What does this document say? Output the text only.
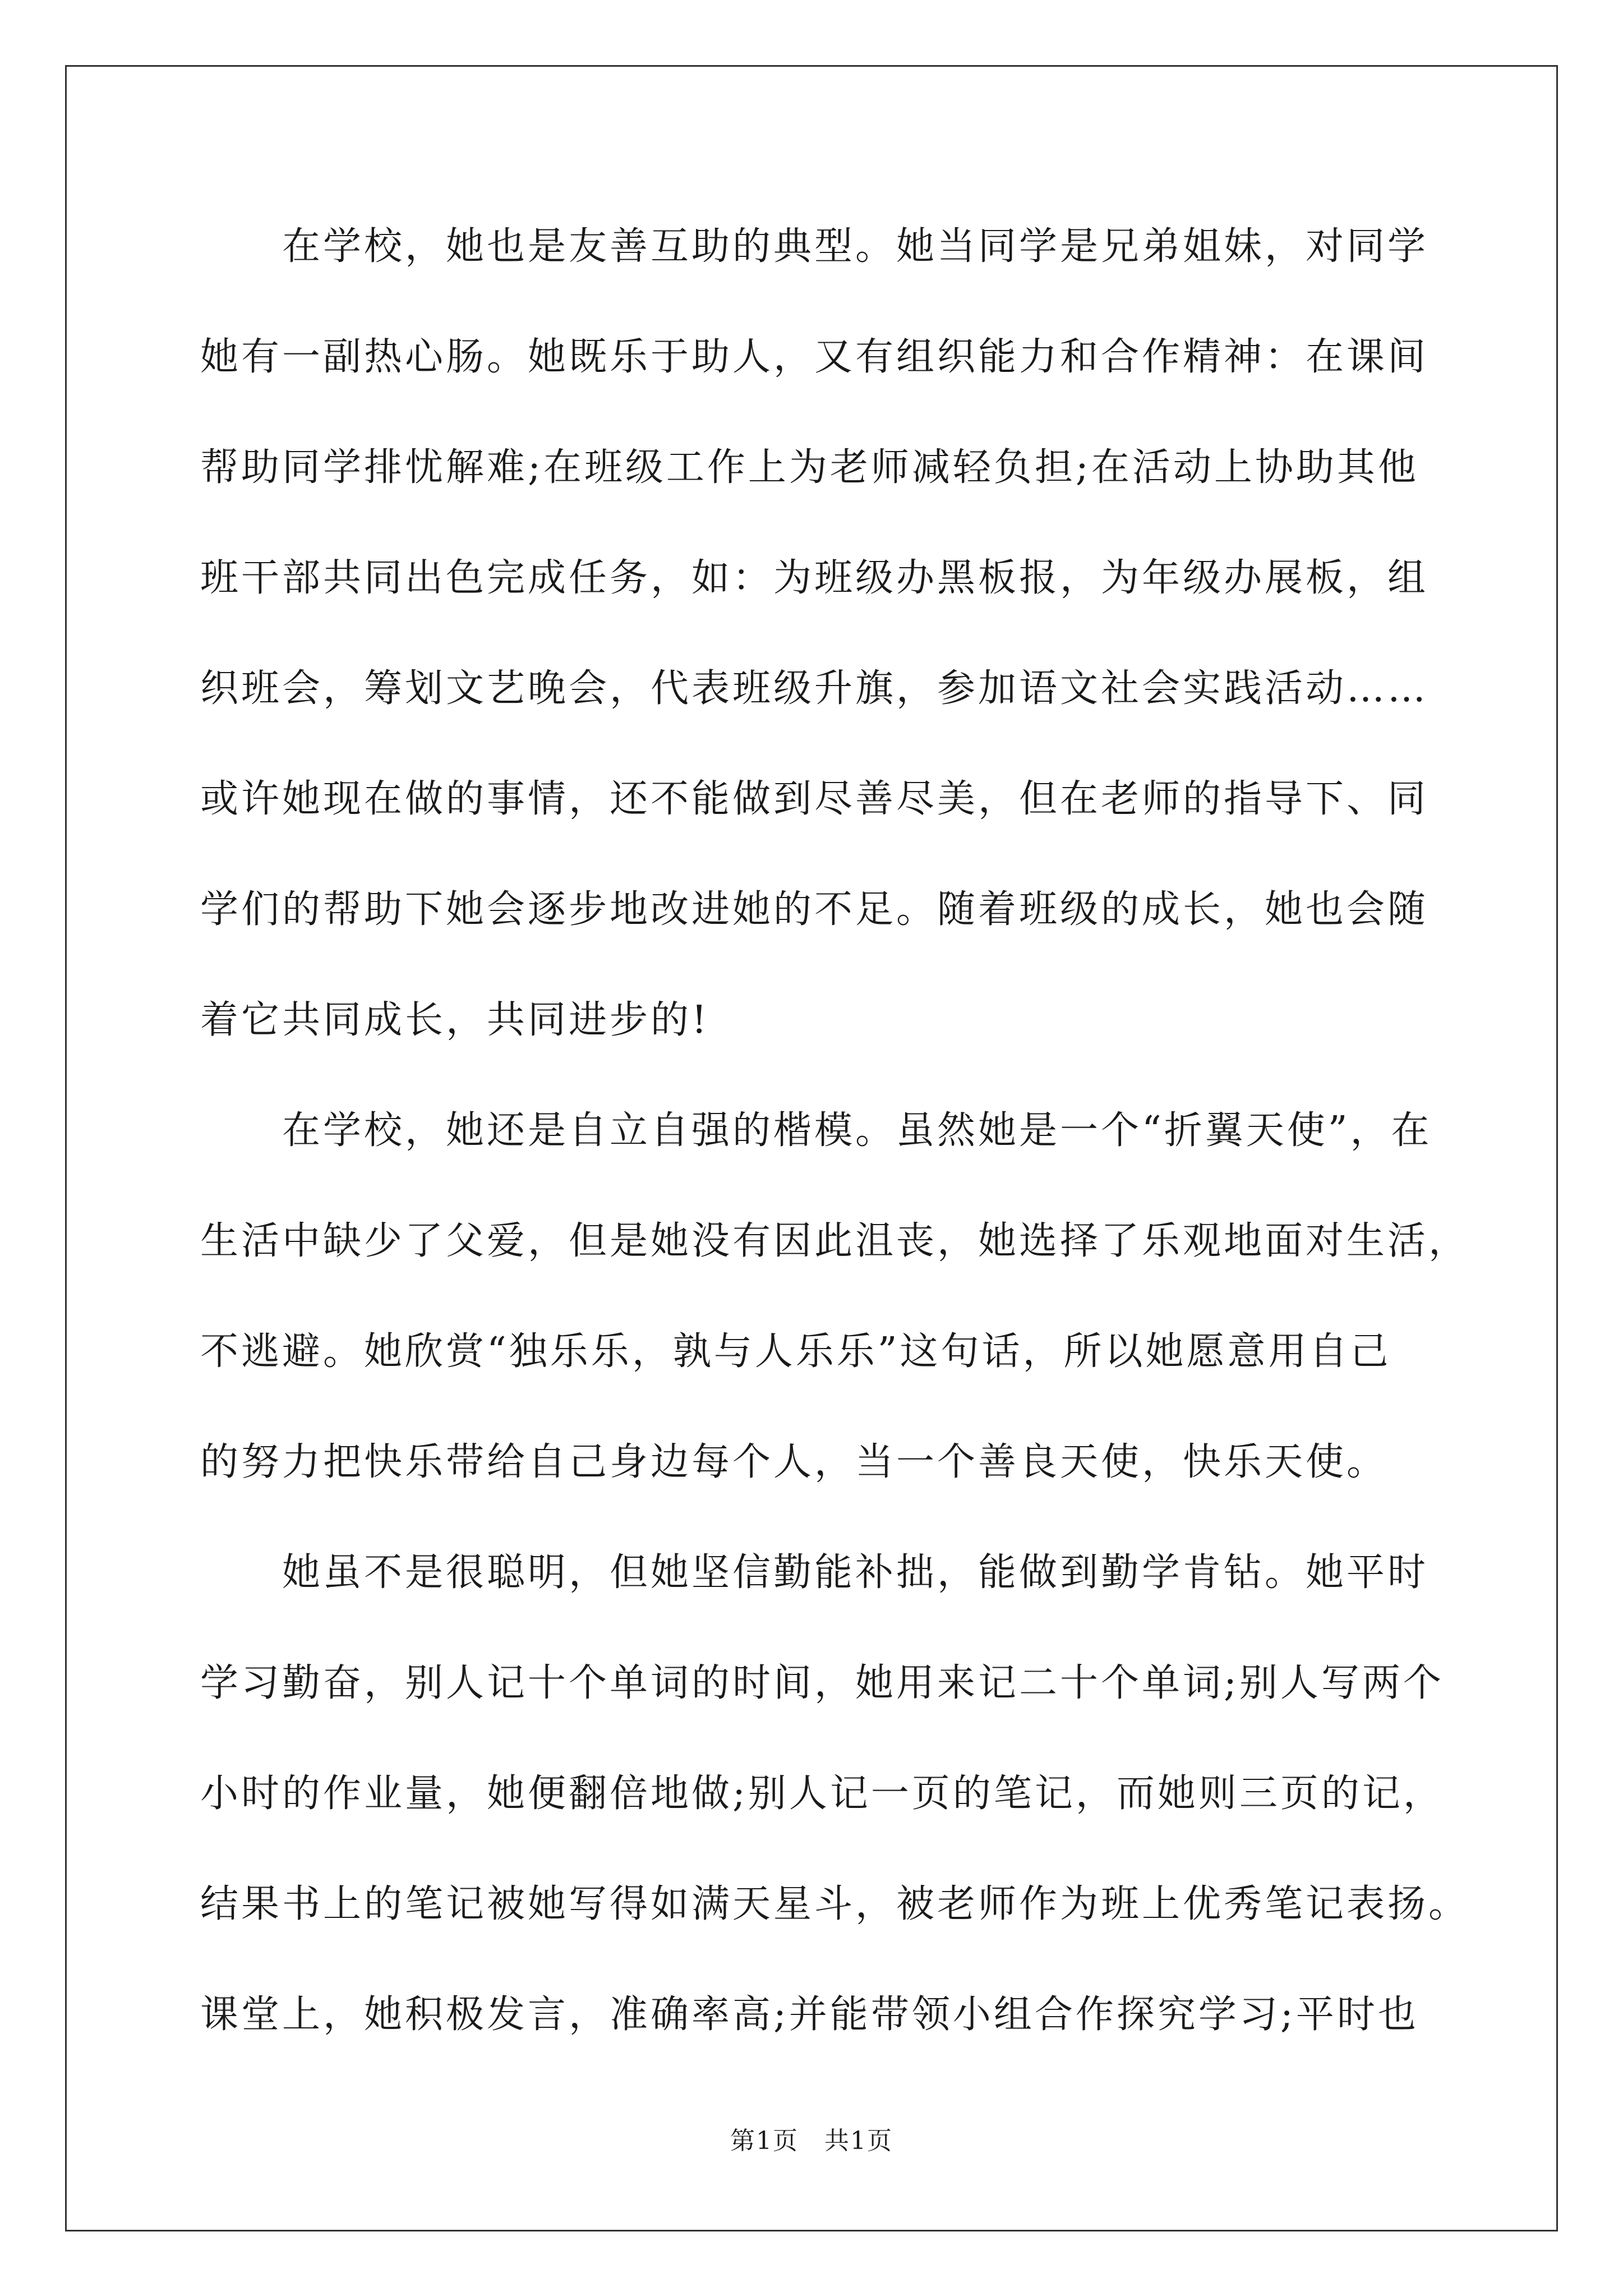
在学校，她也是友善互助的典型。她当同学是兄弟姐妹，对同学
她有一副热心肠。她既乐于助人，又有组织能力和合作精神：在课间
帮助同学排忧解难;在班级工作上为老师减轻负担;在活动上协助其他
班干部共同出色完成任务，如：为班级办黑板报，为年级办展板，组
织班会，筹划文艺晚会，代表班级升旗，参加语文社会实践活动……
或许她现在做的事情，还不能做到尽善尽美，但在老师的指导下、同
学们的帮助下她会逐步地改进她的不足。随着班级的成长，她也会随
着它共同成长，共同进步的!
在学校，她还是自立自强的楷模。虽然她是一个“折翼天使”，在
生活中缺少了父爱，但是她没有因此沮丧，她选择了乐观地面对生活，
不逃避。她欣赏“独乐乐，孰与人乐乐”这句话，所以她愿意用自己
的努力把快乐带给自己身边每个人，当一个善良天使，快乐天使。
她虽不是很聪明，但她坚信勤能补拙，能做到勤学肯钻。她平时
学习勤奋，别人记十个单词的时间，她用来记二十个单词;别人写两个
小时的作业量，她便翻倍地做;别人记一页的笔记，而她则三页的记，
结果书上的笔记被她写得如满天星斗，被老师作为班上优秀笔记表扬。
课堂上，她积极发言，准确率高;并能带领小组合作探究学习;平时也
第1页　共1页
